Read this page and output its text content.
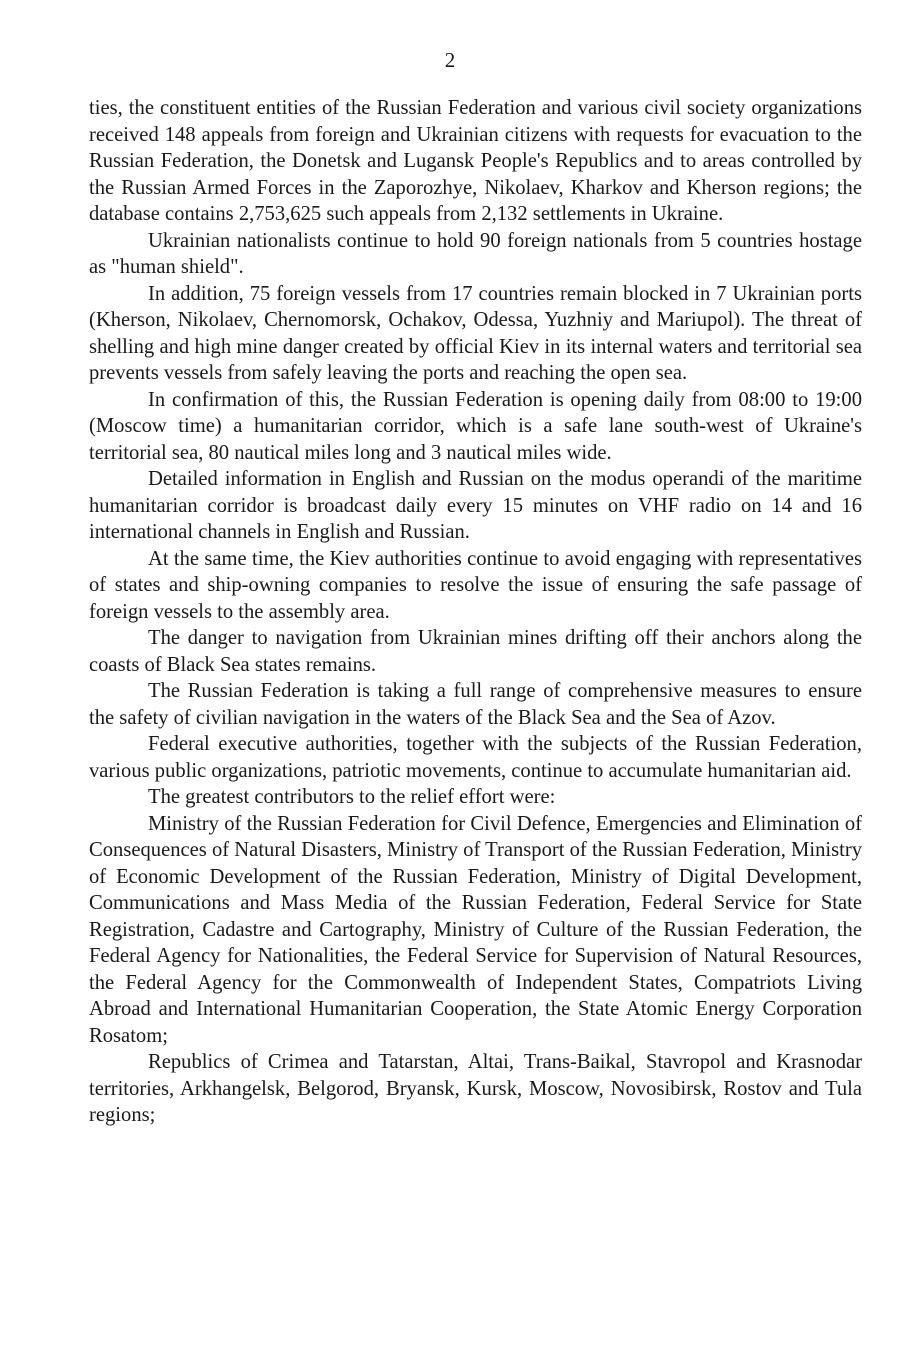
2

ties, the constituent entities of the Russian Federation and various civil society organizations received 148 appeals from foreign and Ukrainian citizens with requests for evacuation to the Russian Federation, the Donetsk and Lugansk People's Republics and to areas controlled by the Russian Armed Forces in the Zaporozhye, Nikolaev, Kharkov and Kherson regions; the database contains 2,753,625 such appeals from 2,132 settlements in Ukraine.

Ukrainian nationalists continue to hold 90 foreign nationals from 5 countries hostage as "human shield".

In addition, 75 foreign vessels from 17 countries remain blocked in 7 Ukrainian ports (Kherson, Nikolaev, Chernomorsk, Ochakov, Odessa, Yuzhniy and Mariupol). The threat of shelling and high mine danger created by official Kiev in its internal waters and territorial sea prevents vessels from safely leaving the ports and reaching the open sea.

In confirmation of this, the Russian Federation is opening daily from 08:00 to 19:00 (Moscow time) a humanitarian corridor, which is a safe lane south-west of Ukraine's territorial sea, 80 nautical miles long and 3 nautical miles wide.

Detailed information in English and Russian on the modus operandi of the maritime humanitarian corridor is broadcast daily every 15 minutes on VHF radio on 14 and 16 international channels in English and Russian.

At the same time, the Kiev authorities continue to avoid engaging with representatives of states and ship-owning companies to resolve the issue of ensuring the safe passage of foreign vessels to the assembly area.

The danger to navigation from Ukrainian mines drifting off their anchors along the coasts of Black Sea states remains.

The Russian Federation is taking a full range of comprehensive measures to ensure the safety of civilian navigation in the waters of the Black Sea and the Sea of Azov.

Federal executive authorities, together with the subjects of the Russian Federation, various public organizations, patriotic movements, continue to accumulate humanitarian aid.

The greatest contributors to the relief effort were:

Ministry of the Russian Federation for Civil Defence, Emergencies and Elimination of Consequences of Natural Disasters, Ministry of Transport of the Russian Federation, Ministry of Economic Development of the Russian Federation, Ministry of Digital Development, Communications and Mass Media of the Russian Federation, Federal Service for State Registration, Cadastre and Cartography, Ministry of Culture of the Russian Federation, the Federal Agency for Nationalities, the Federal Service for Supervision of Natural Resources, the Federal Agency for the Commonwealth of Independent States, Compatriots Living Abroad and International Humanitarian Cooperation, the State Atomic Energy Corporation Rosatom;

Republics of Crimea and Tatarstan, Altai, Trans-Baikal, Stavropol and Krasnodar territories, Arkhangelsk, Belgorod, Bryansk, Kursk, Moscow, Novosibirsk, Rostov and Tula regions;
